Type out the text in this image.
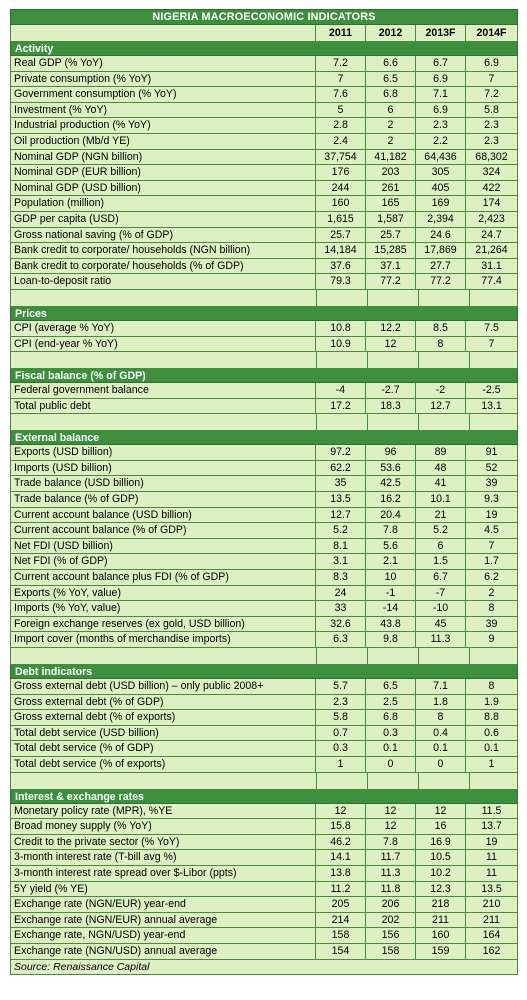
NIGERIA MACROECONOMIC INDICATORS
2011	2012	2013F	2014F
Activity
Real GDP (% YoY)	7.2	6.6	6.7	6.9
Private consumption (% YoY)	7	6.5	6.9	7
Government consumption (% YoY)	7.6	6.8	7.1	7.2
Investment (% YoY)	5	6	6.9	5.8
Industrial production (% YoY)	2.8	2	2.3	2.3
Oil production (Mb/d YE)	2.4	2	2.2	2.3
Nominal GDP (NGN billion)	37,754	41,182	64,436	68,302
Nominal GDP (EUR billion)	176	203	305	324
Nominal GDP (USD billion)	244	261	405	422
Population (million)	160	165	169	174
GDP per capita (USD)	1,615	1,587	2,394	2,423
Gross national saving (% of GDP)	25.7	25.7	24.6	24.7
Bank credit to corporate/ households (NGN billion)	14,184	15,285	17,869	21,264
Bank credit to corporate/ households (% of GDP)	37.6	37.1	27.7	31.1
Loan-to-deposit ratio	79.3	77.2	77.2	77.4
Prices
CPI (average % YoY)	10.8	12.2	8.5	7.5
CPI (end-year % YoY)	10.9	12	8	7
Fiscal balance (% of GDP)
Federal government balance	-4	-2.7	-2	-2.5
Total public debt	17.2	18.3	12.7	13.1
External balance
Exports (USD billion)	97.2	96	89	91
Imports (USD billion)	62.2	53.6	48	52
Trade balance (USD billion)	35	42.5	41	39
Trade balance (% of GDP)	13.5	16.2	10.1	9.3
Current account balance (USD billion)	12.7	20.4	21	19
Current account balance (% of GDP)	5.2	7.8	5.2	4.5
Net FDI (USD billion)	8.1	5.6	6	7
Net FDI (% of GDP)	3.1	2.1	1.5	1.7
Current account balance plus FDI (% of GDP)	8.3	10	6.7	6.2
Exports (% YoY, value)	24	-1	-7	2
Imports (% YoY, value)	33	-14	-10	8
Foreign exchange reserves (ex gold, USD billion)	32.6	43.8	45	39
Import cover (months of merchandise imports)	6.3	9.8	11.3	9
Debt indicators
Gross external debt (USD billion) – only public 2008+	5.7	6.5	7.1	8
Gross external debt (% of GDP)	2.3	2.5	1.8	1.9
Gross external debt (% of exports)	5.8	6.8	8	8.8
Total debt service (USD billion)	0.7	0.3	0.4	0.6
Total debt service (% of GDP)	0.3	0.1	0.1	0.1
Total debt service (% of exports)	1	0	0	1
Interest & exchange rates
Monetary policy rate (MPR), %YE	12	12	12	11.5
Broad money supply (% YoY)	15.8	12	16	13.7
Credit to the private sector (% YoY)	46.2	7.8	16.9	19
3-month interest rate (T-bill avg %)	14.1	11.7	10.5	11
3-month interest rate spread over $-Libor (ppts)	13.8	11.3	10.2	11
5Y yield (% YE)	11.2	11.8	12.3	13.5
Exchange rate (NGN/EUR) year-end	205	206	218	210
Exchange rate (NGN/EUR) annual average	214	202	211	211
Exchange rate, NGN/USD) year-end	158	156	160	164
Exchange rate (NGN/USD) annual average	154	158	159	162
Source: Renaissance Capital
